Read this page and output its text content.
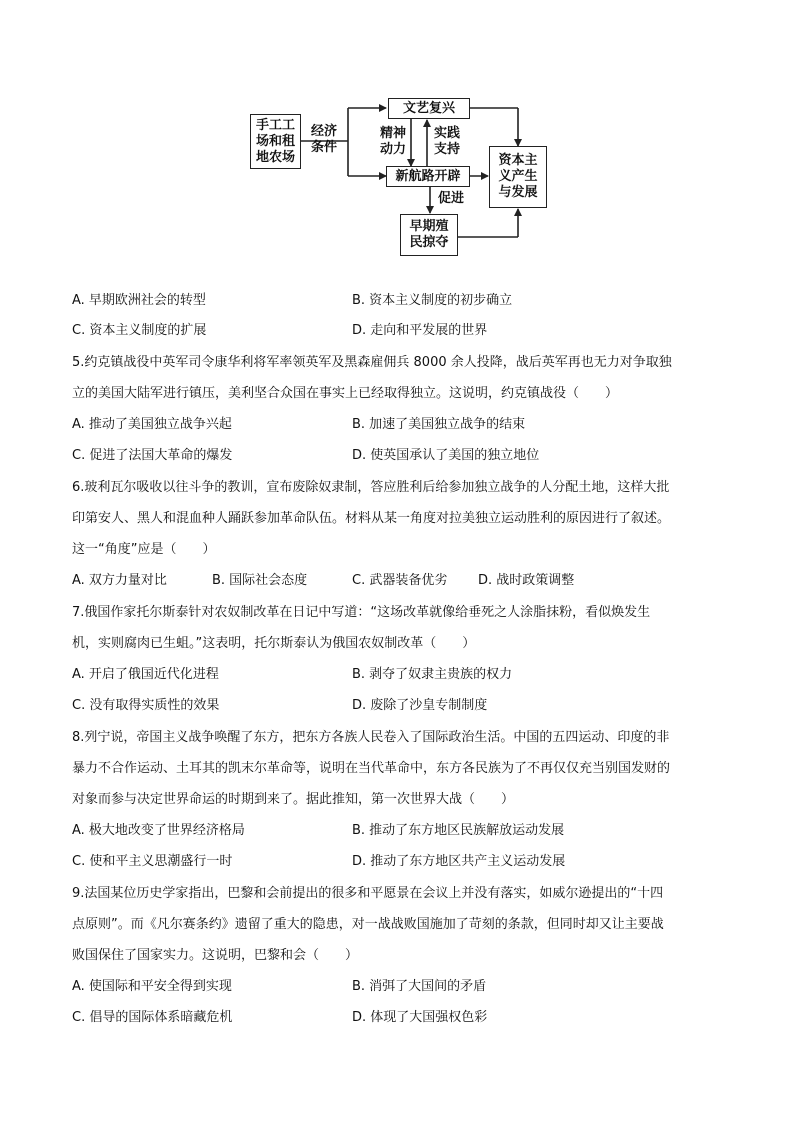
手工工场和租地农场
经济条件
文艺复兴
精神动力
实践支持
新航路开辟
资本主义产生与发展
促进
早期殖民掠夺
A. 早期欧洲社会的转型	B. 资本主义制度的初步确立
C. 资本主义制度的扩展	D. 走向和平发展的世界
5.约克镇战役中英军司令康华利将军率领英军及黑森雇佣兵 8000 余人投降，战后英军再也无力对争取独
立的美国大陆军进行镇压，美利坚合众国在事实上已经取得独立。这说明，约克镇战役（　　）
A. 推动了美国独立战争兴起	B. 加速了美国独立战争的结束
C. 促进了法国大革命的爆发	D. 使英国承认了美国的独立地位
6.玻利瓦尔吸收以往斗争的教训，宣布废除奴隶制，答应胜利后给参加独立战争的人分配土地，这样大批
印第安人、黑人和混血种人踊跃参加革命队伍。材料从某一角度对拉美独立运动胜利的原因进行了叙述。
这一“角度”应是（　　）
A. 双方力量对比	B. 国际社会态度	C. 武器装备优劣 D. 战时政策调整
7.俄国作家托尔斯泰针对农奴制改革在日记中写道：“这场改革就像给垂死之人涂脂抹粉，看似焕发生
机，实则腐肉已生蛆。”这表明，托尔斯泰认为俄国农奴制改革（　　）
A. 开启了俄国近代化进程	B. 剥夺了奴隶主贵族的权力
C. 没有取得实质性的效果	D. 废除了沙皇专制制度
8.列宁说，帝国主义战争唤醒了东方，把东方各族人民卷入了国际政治生活。中国的五四运动、印度的非
暴力不合作运动、土耳其的凯末尔革命等，说明在当代革命中，东方各民族为了不再仅仅充当别国发财的
对象而参与决定世界命运的时期到来了。据此推知，第一次世界大战（　　）
A. 极大地改变了世界经济格局	B. 推动了东方地区民族解放运动发展
C. 使和平主义思潮盛行一时	D. 推动了东方地区共产主义运动发展
9.法国某位历史学家指出，巴黎和会前提出的很多和平愿景在会议上并没有落实，如威尔逊提出的“十四
点原则”。而《凡尔赛条约》遗留了重大的隐患，对一战战败国施加了苛刻的条款，但同时却又让主要战
败国保住了国家实力。这说明，巴黎和会（　　）
A. 使国际和平安全得到实现	B. 消弭了大国间的矛盾
C. 倡导的国际体系暗藏危机	D. 体现了大国强权色彩
